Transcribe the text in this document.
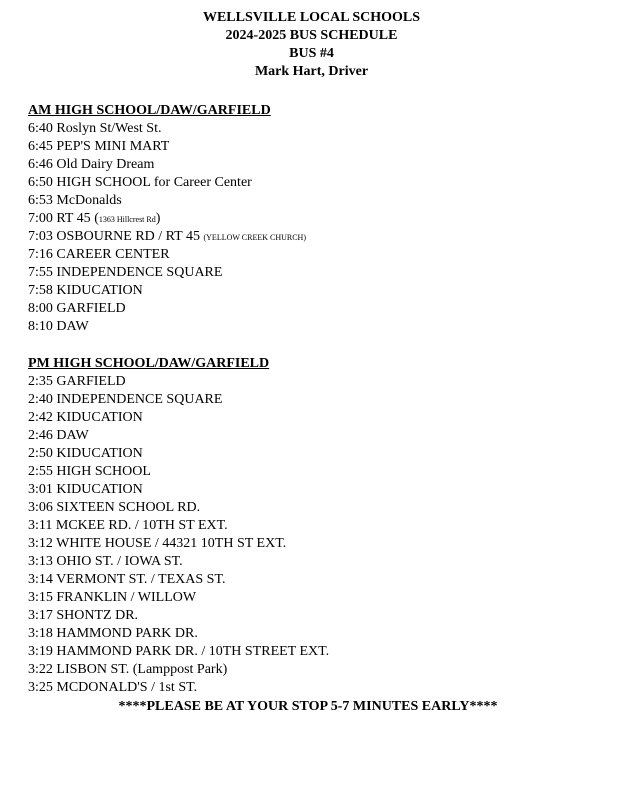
WELLSVILLE LOCAL SCHOOLS
2024-2025 BUS SCHEDULE
BUS #4
Mark Hart, Driver
AM HIGH SCHOOL/DAW/GARFIELD
6:40 Roslyn St/West St.
6:45 PEP'S MINI MART
6:46 Old Dairy Dream
6:50 HIGH SCHOOL for Career Center
6:53 McDonalds
7:00 RT 45 (1363 Hillcrest Rd)
7:03 OSBOURNE RD / RT 45 (YELLOW CREEK CHURCH)
7:16 CAREER CENTER
7:55 INDEPENDENCE SQUARE
7:58 KIDUCATION
8:00 GARFIELD
8:10 DAW
PM HIGH SCHOOL/DAW/GARFIELD
2:35 GARFIELD
2:40 INDEPENDENCE SQUARE
2:42 KIDUCATION
2:46 DAW
2:50 KIDUCATION
2:55 HIGH SCHOOL
3:01 KIDUCATION
3:06 SIXTEEN SCHOOL RD.
3:11 MCKEE RD. / 10TH ST EXT.
3:12 WHITE HOUSE / 44321 10TH ST EXT.
3:13 OHIO ST. / IOWA ST.
3:14 VERMONT ST. / TEXAS ST.
3:15 FRANKLIN / WILLOW
3:17 SHONTZ DR.
3:18 HAMMOND PARK DR.
3:19 HAMMOND PARK DR. / 10TH STREET EXT.
3:22 LISBON ST. (Lamppost Park)
3:25 MCDONALD'S / 1st ST.
****PLEASE BE AT YOUR STOP 5-7 MINUTES EARLY****
